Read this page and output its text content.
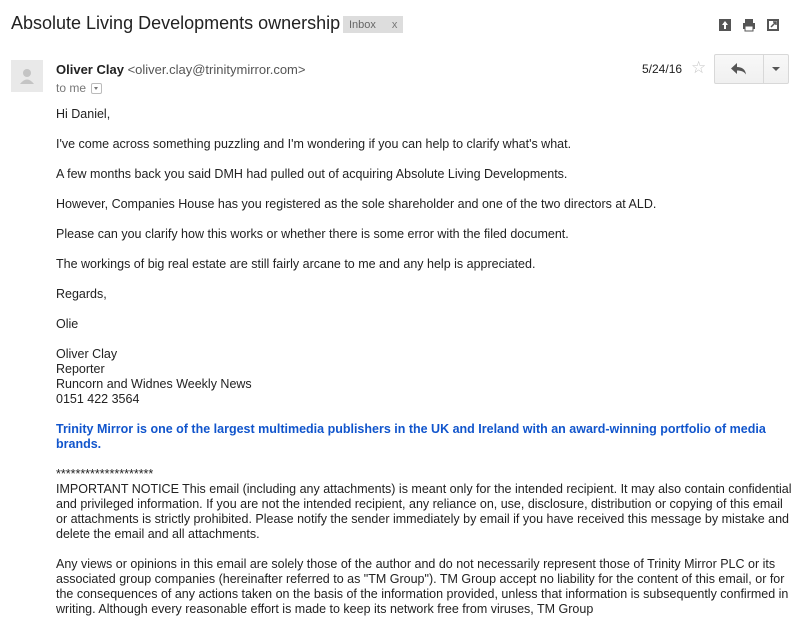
Absolute Living Developments ownership Inbox x
Oliver Clay <oliver.clay@trinitymirror.com>
to me
5/24/16 ☆

Hi Daniel,

I've come across something puzzling and I'm wondering if you can help to clarify what's what.

A few months back you said DMH had pulled out of acquiring Absolute Living Developments.

However, Companies House has you registered as the sole shareholder and one of the two directors at ALD.

Please can you clarify how this works or whether there is some error with the filed document.

The workings of big real estate are still fairly arcane to me and any help is appreciated.

Regards,

Olie

Oliver Clay
Reporter
Runcorn and Widnes Weekly News
0151 422 3564

Trinity Mirror is one of the largest multimedia publishers in the UK and Ireland with an award-winning portfolio of media brands.

********************

IMPORTANT NOTICE This email (including any attachments) is meant only for the intended recipient. It may also contain confidential and privileged information. If you are not the intended recipient, any reliance on, use, disclosure, distribution or copying of this email or attachments is strictly prohibited. Please notify the sender immediately by email if you have received this message by mistake and delete the email and all attachments.

Any views or opinions in this email are solely those of the author and do not necessarily represent those of Trinity Mirror PLC or its associated group companies (hereinafter referred to as "TM Group"). TM Group accept no liability for the content of this email, or for the consequences of any actions taken on the basis of the information provided, unless that information is subsequently confirmed in writing. Although every reasonable effort is made to keep its network free from viruses, TM Group
